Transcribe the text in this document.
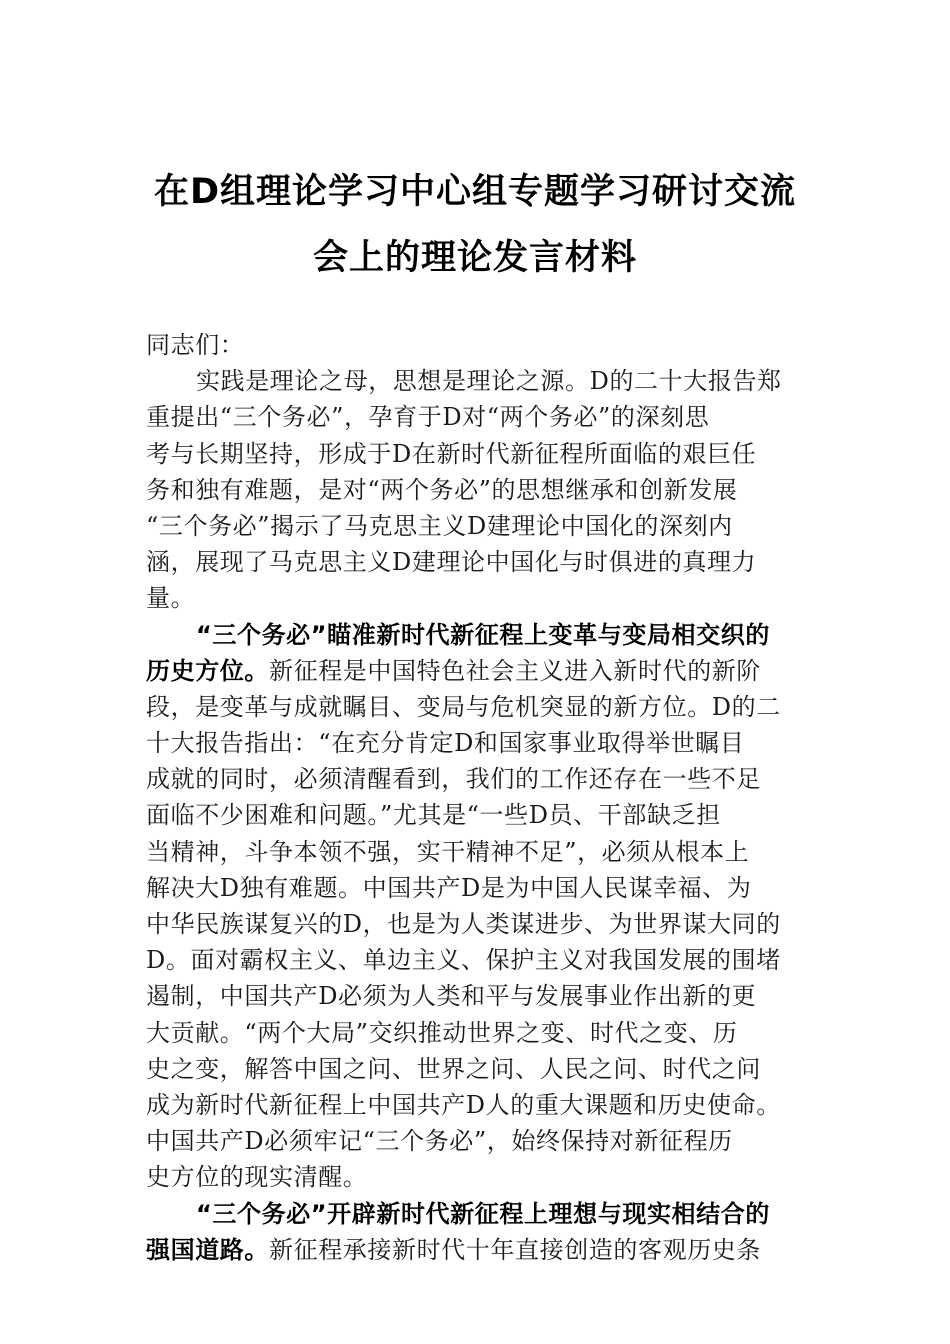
在D组理论学习中心组专题学习研讨交流
会上的理论发言材料
同志们：
实践是理论之母，思想是理论之源。D的二十大报告郑
重提出“三个务必”，孕育于D对“两个务必”的深刻思
考与长期坚持，形成于D在新时代新征程所面临的艰巨任
务和独有难题，是对“两个务必”的思想继承和创新发展
“三个务必”揭示了马克思主义D建理论中国化的深刻内
涵，展现了马克思主义D建理论中国化与时俱进的真理力
量。
“三个务必”瞄准新时代新征程上变革与变局相交织的
历史方位。新征程是中国特色社会主义进入新时代的新阶
段，是变革与成就瞩目、变局与危机突显的新方位。D的二
十大报告指出：“在充分肯定D和国家事业取得举世瞩目
成就的同时，必须清醒看到，我们的工作还存在一些不足
面临不少困难和问题。”尤其是“一些D员、干部缺乏担
当精神，斗争本领不强，实干精神不足”，必须从根本上
解决大D独有难题。中国共产D是为中国人民谋幸福、为
中华民族谋复兴的D，也是为人类谋进步、为世界谋大同的
D。面对霸权主义、单边主义、保护主义对我国发展的围堵
遏制，中国共产D必须为人类和平与发展事业作出新的更
大贡献。“两个大局”交织推动世界之变、时代之变、历
史之变，解答中国之问、世界之问、人民之问、时代之问
成为新时代新征程上中国共产D人的重大课题和历史使命。
中国共产D必须牢记“三个务必”，始终保持对新征程历
史方位的现实清醒。
“三个务必”开辟新时代新征程上理想与现实相结合的
强国道路。新征程承接新时代十年直接创造的客观历史条
